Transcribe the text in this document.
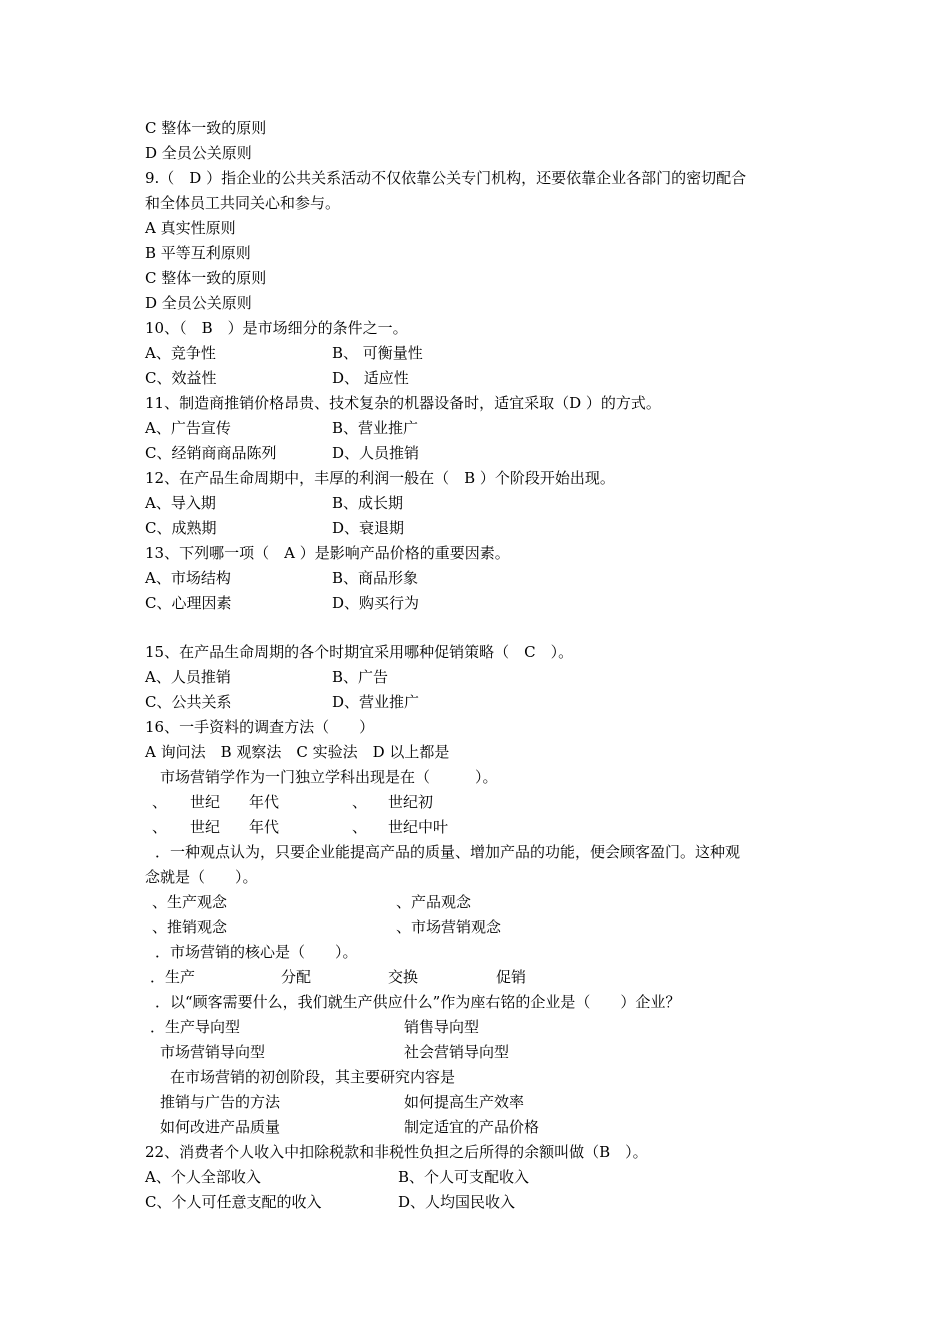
C 整体一致的原则
D 全员公关原则
9.（　D ）指企业的公共关系活动不仅依靠公关专门机构，还要依靠企业各部门的密切配合
和全体员工共同关心和参与。
A 真实性原则
B 平等互利原则
C 整体一致的原则
D 全员公关原则
10、（　B　）是市场细分的条件之一。
A、竞争性	B、 可衡量性
C、效益性	D、 适应性
11、制造商推销价格昂贵、技术复杂的机器设备时，适宜采取（D ）的方式。
A、广告宣传	B、营业推广
C、经销商商品陈列	D、人员推销
12、在产品生命周期中，丰厚的利润一般在（　B ）个阶段开始出现。
A、导入期	B、成长期
C、成熟期	D、衰退期
13、下列哪一项（　A ）是影响产品价格的重要因素。
A、市场结构	B、商品形象
C、心理因素	D、购买行为
15、在产品生命周期的各个时期宜采用哪种促销策略（　C　）。
A、人员推销	B、广告
C、公共关系	D、营业推广
16、一手资料的调查方法（　　）
A 询问法　B 观察法　C 实验法　D 以上都是
　市场营销学作为一门独立学科出现是在（　　　）。
、 世纪 年代	、 世纪初
、 世纪 年代	、 世纪中叶
．一种观点认为，只要企业能提高产品的质量、增加产品的功能，便会顾客盈门。这种观
念就是（　　）。
、生产观念	、产品观念
、推销观念	、市场营销观念
．市场营销的核心是（　　）。
．生产	分配	交换	促销
．以“顾客需要什么，我们就生产供应什么”作为座右铭的企业是（　　）企业？
．生产导向型	销售导向型
市场营销导向型	社会营销导向型
　在市场营销的初创阶段，其主要研究内容是
推销与广告的方法	如何提高生产效率
如何改进产品质量	制定适宜的产品价格
22、消费者个人收入中扣除税款和非税性负担之后所得的余额叫做（B　）。
A、个人全部收入	B、个人可支配收入
C、个人可任意支配的收入	D、人均国民收入
